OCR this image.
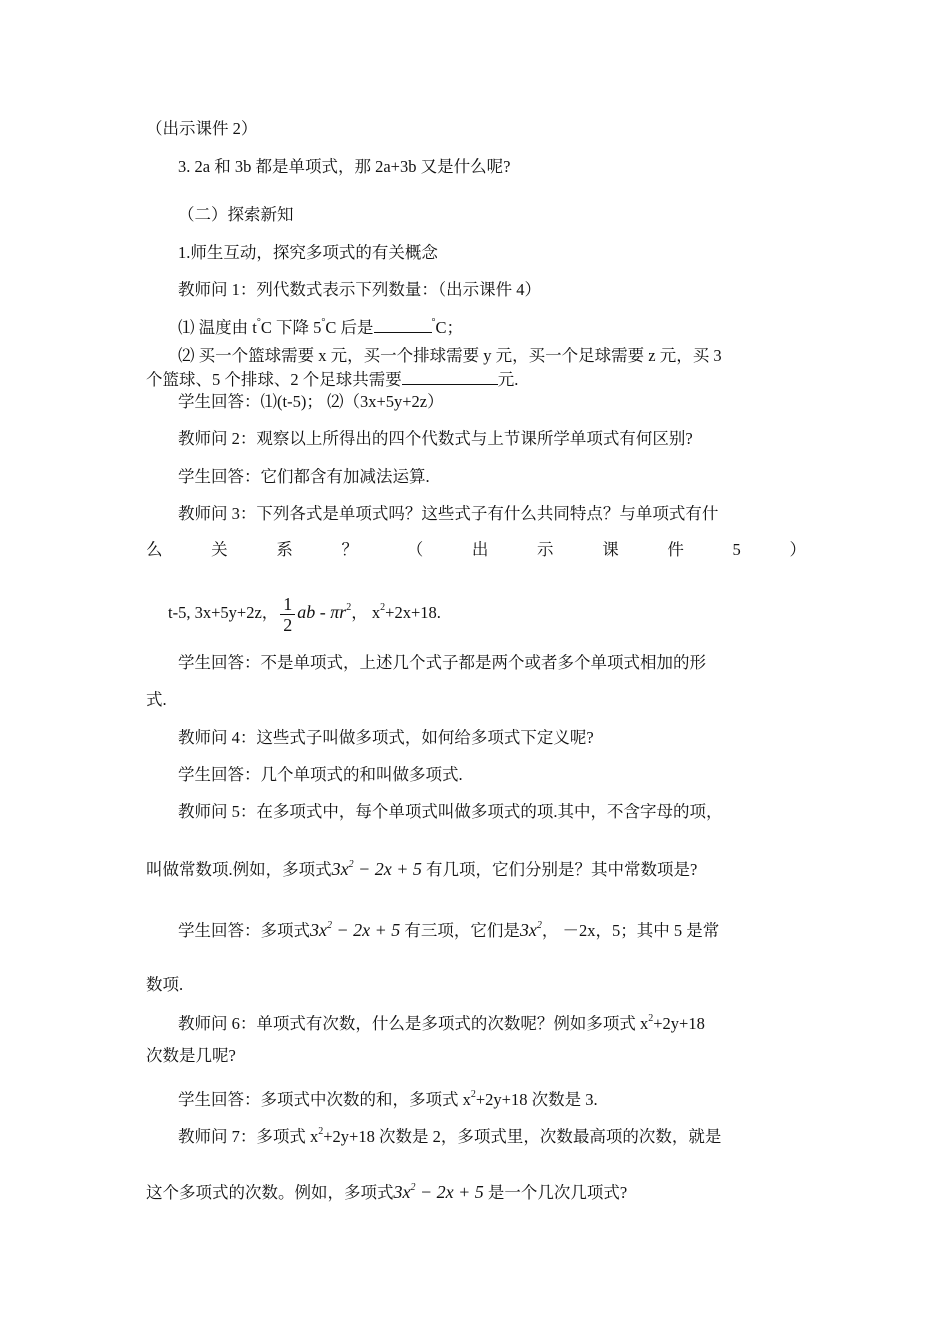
（出示课件 2）
3. 2a 和 3b 都是单项式，那 2a+3b 又是什么呢?
（二）探索新知
1.师生互动，探究多项式的有关概念
教师问 1：列代数式表示下列数量：（出示课件 4）
⑴ 温度由 t°C 下降 5°C 后是	°C；
⑵ 买一个篮球需要 x 元，买一个排球需要 y 元，买一个足球需要 z 元，买 3
个篮球、5 个排球、2 个足球共需要	元.
学生回答：⑴(t-5)； ⑵（3x+5y+2z）
教师问 2：观察以上所得出的四个代数式与上节课所学单项式有何区别?
学生回答：它们都含有加减法运算.
教师问 3：下列各式是单项式吗？这些式子有什么共同特点？与单项式有什
么	关	系	？	（	出	示	课	件	5	）
t-5, 3x+5y+2z， $\frac{1}{2}$ ab - $\pi r^2$， $x^2+2x+18$.
学生回答：不是单项式，上述几个式子都是两个或者多个单项式相加的形
式.
教师问 4：这些式子叫做多项式，如何给多项式下定义呢?
学生回答：几个单项式的和叫做多项式.
教师问 5：在多项式中，每个单项式叫做多项式的项.其中，不含字母的项，
叫做常数项.例如，多项式$3x^2 - 2x + 5$ 有几项，它们分别是？其中常数项是?
学生回答：多项式$3x^2 - 2x + 5$ 有三项，它们是$3x^2$， －2x，5；其中 5 是常
数项.
教师问 6：单项式有次数，什么是多项式的次数呢？例如多项式 $x^2+2y+18$
次数是几呢?
学生回答：多项式中次数的和，多项式 $x^2+2y+18$ 次数是 3.
教师问 7：多项式 $x^2+2y+18$ 次数是 2，多项式里，次数最高项的次数，就是
这个多项式的次数。例如，多项式$3x^2 - 2x + 5$ 是一个几次几项式?
